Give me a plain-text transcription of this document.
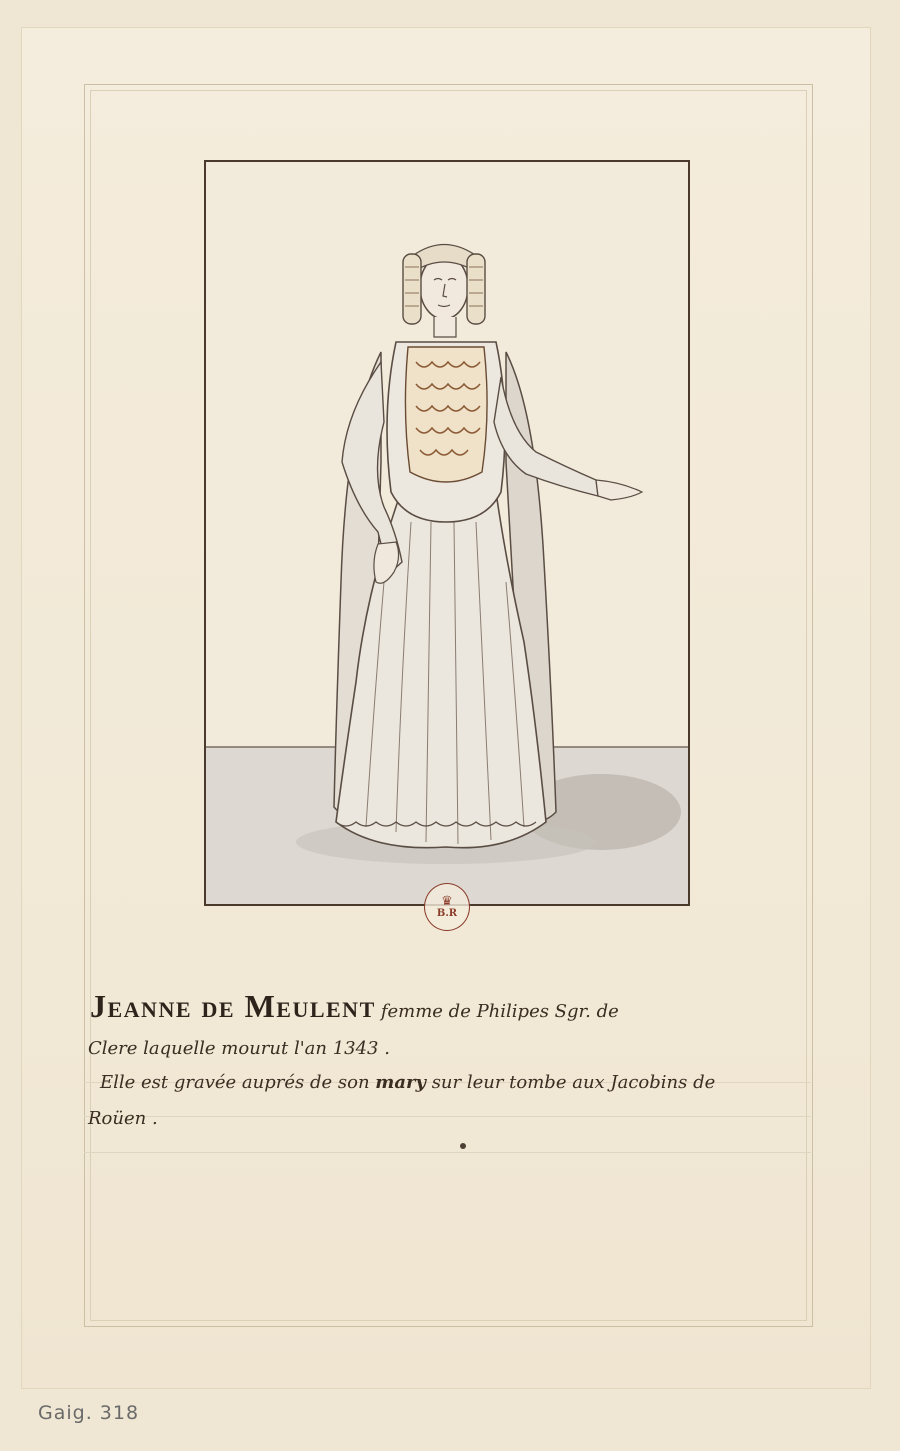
♛
B.R
Jeanne de Meulent femme de Philipes Sgr. de
Clere laquelle mourut l'an 1343 .
Elle est gravée auprés de son mary sur leur tombe aux Jacobins de
Roüen .
Gaig. 318
